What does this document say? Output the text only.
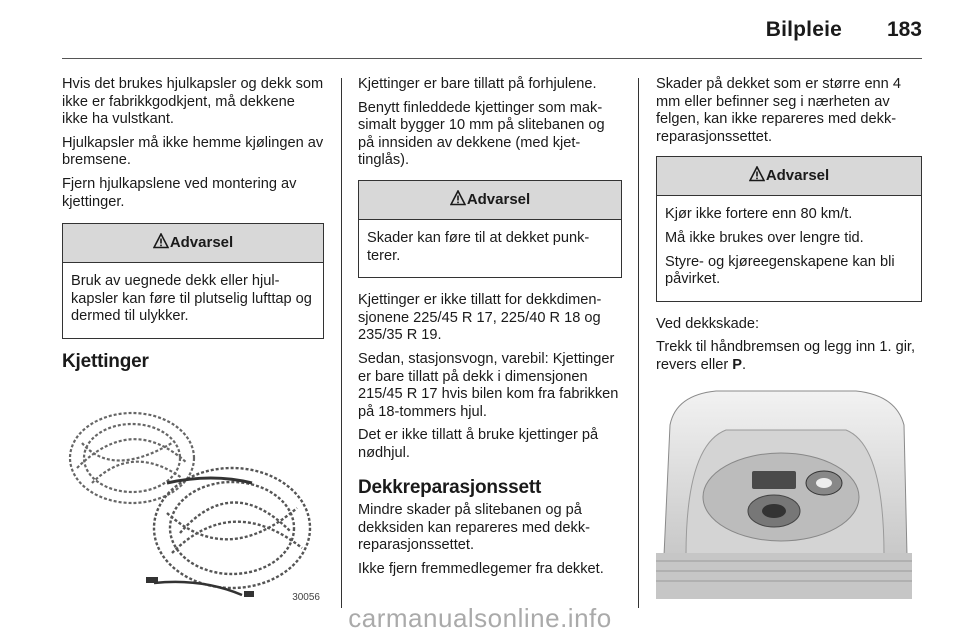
Bilpleie 183

Hvis det brukes hjulkapsler og dekk som ikke er fabrikkgodkjent, må dekkene ikke ha vulstkant.

Hjulkapsler må ikke hemme kjølingen av bremsene.

Fjern hjulkapslene ved montering av kjettinger.

Advarsel

Bruk av uegnede dekk eller hjulkapsler kan føre til plutselig lufttap og dermed til ulykker.

Kjettinger
30056

Kjettinger er bare tillatt på forhjulene.

Benytt finleddede kjettinger som maksimalt bygger 10 mm på slitebanen og på innsiden av dekkene (med kjettinglås).

Advarsel

Skader kan føre til at dekket punkterer.

Kjettinger er ikke tillatt for dekkdimensjonene 225/45 R 17, 225/40 R 18 og 235/35 R 19.

Sedan, stasjonsvogn, varebil: Kjettinger er bare tillatt på dekk i dimensjonen 215/45 R 17 hvis bilen kom fra fabrikken på 18-tommers hjul.

Det er ikke tillatt å bruke kjettinger på nødhjul.

Dekkreparasjonssett

Mindre skader på slitebanen og på dekksiden kan repareres med dekkreparasjonssettet.

Ikke fjern fremmedlegemer fra dekket.

Skader på dekket som er større enn 4 mm eller befinner seg i nærheten av felgen, kan ikke repareres med dekkreparasjonssettet.

Advarsel

Kjør ikke fortere enn 80 km/t.

Må ikke brukes over lengre tid.

Styre- og kjøreegenskapene kan bli påvirket.

Ved dekkskade:

Trekk til håndbremsen og legg inn 1. gir, revers eller P.

carmanualsonline.info
